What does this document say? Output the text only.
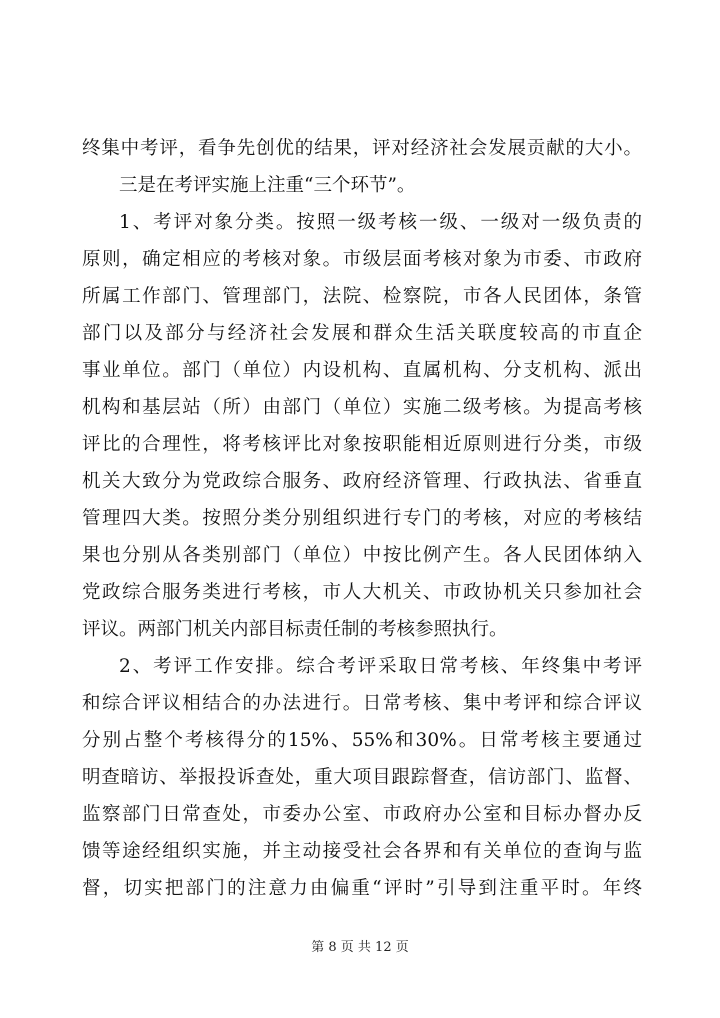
终集中考评，看争先创优的结果，评对经济社会发展贡献的大小。
三是在考评实施上注重“三个环节”。
1、考评对象分类。按照一级考核一级、一级对一级负责的
原则，确定相应的考核对象。市级层面考核对象为市委、市政府
所属工作部门、管理部门，法院、检察院，市各人民团体，条管
部门以及部分与经济社会发展和群众生活关联度较高的市直企
事业单位。部门（单位）内设机构、直属机构、分支机构、派出
机构和基层站（所）由部门（单位）实施二级考核。为提高考核
评比的合理性，将考核评比对象按职能相近原则进行分类，市级
机关大致分为党政综合服务、政府经济管理、行政执法、省垂直
管理四大类。按照分类分别组织进行专门的考核，对应的考核结
果也分别从各类别部门（单位）中按比例产生。各人民团体纳入
党政综合服务类进行考核，市人大机关、市政协机关只参加社会
评议。两部门机关内部目标责任制的考核参照执行。
2、考评工作安排。综合考评采取日常考核、年终集中考评
和综合评议相结合的办法进行。日常考核、集中考评和综合评议
分别占整个考核得分的15%、55%和30%。日常考核主要通过
明查暗访、举报投诉查处，重大项目跟踪督查，信访部门、监督、
监察部门日常查处，市委办公室、市政府办公室和目标办督办反
馈等途经组织实施，并主动接受社会各界和有关单位的查询与监
督，切实把部门的注意力由偏重“评时”引导到注重平时。年终
第 8 页 共 12 页
